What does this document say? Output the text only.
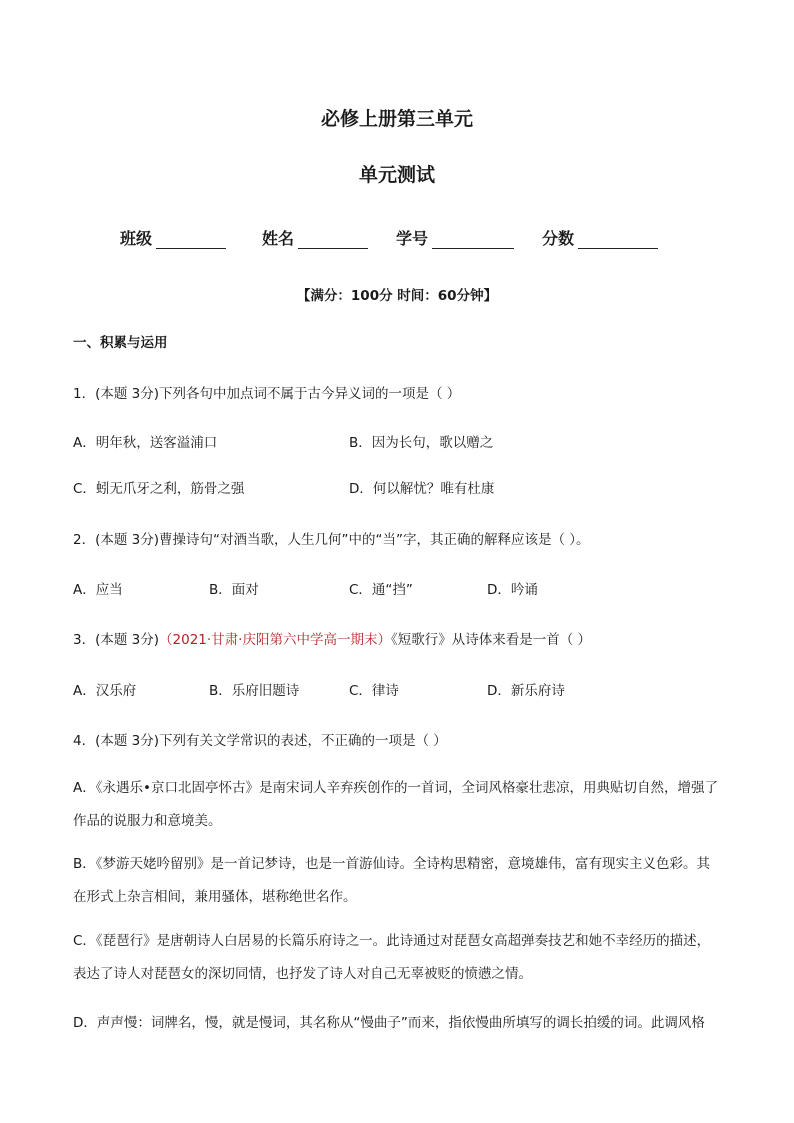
必修上册第三单元
单元测试
班级	姓名	学号	分数
【满分：100分 时间：60分钟】
一、积累与运用
1．(本题 3分)下列各句中加点词不属于古今异义词的一项是（ ）
A．明年秋，送客溢浦口	B．因为长句，歌以赠之
C．蚓无爪牙之利，筋骨之强	D．何以解忧？唯有杜康
2．(本题 3分)曹操诗句“对酒当歌，人生几何”中的“当”字，其正确的解释应该是（ ）。
A．应当	B．面对	C．通“挡”	D．吟诵
3．(本题 3分)（2021·甘肃·庆阳第六中学高一期末）《短歌行》从诗体来看是一首（ ）
A．汉乐府	B．乐府旧题诗	C．律诗	D．新乐府诗
4．(本题 3分)下列有关文学常识的表述，不正确的一项是（ ）
A．《永遇乐•京口北固亭怀古》是南宋词人辛弃疾创作的一首词，全词风格豪壮悲凉，用典贴切自然，增强了作品的说服力和意境美。
B．《梦游天姥吟留别》是一首记梦诗，也是一首游仙诗。全诗构思精密，意境雄伟，富有现实主义色彩。其在形式上杂言相间，兼用骚体，堪称绝世名作。
C．《琵琶行》是唐朝诗人白居易的长篇乐府诗之一。此诗通过对琵琶女高超弹奏技艺和她不幸经历的描述，表达了诗人对琵琶女的深切同情，也抒发了诗人对自己无辜被贬的愤懑之情。
D．声声慢：词牌名，慢，就是慢词，其名称从“慢曲子”而来，指依慢曲所填写的调长拍缓的词。此调风格
